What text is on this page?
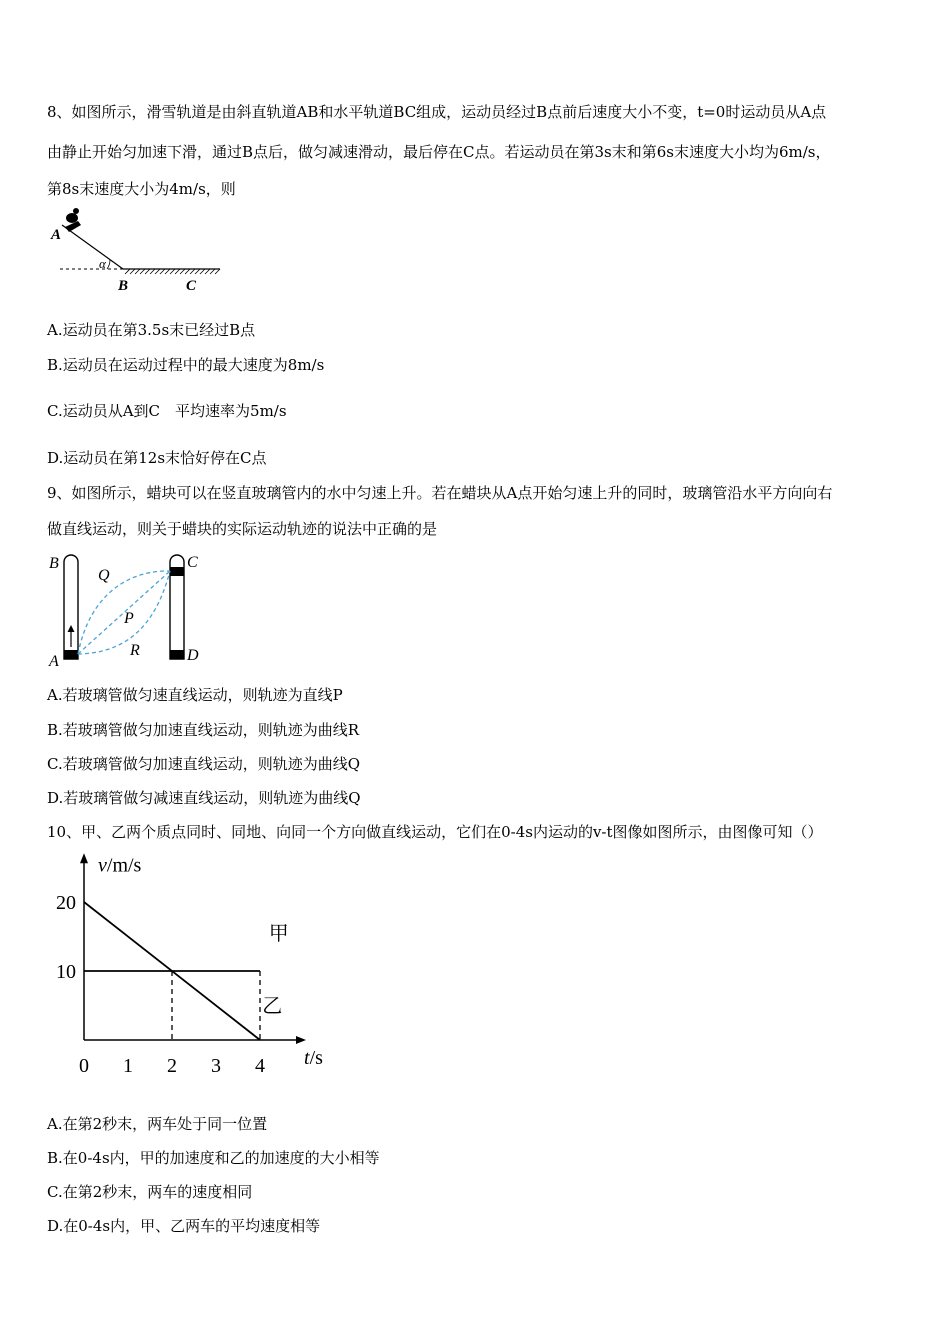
8、如图所示，滑雪轨道是由斜直轨道AB和水平轨道BC组成，运动员经过B点前后速度大小不变，t=0时运动员从A点
由静止开始匀加速下滑，通过B点后，做匀减速滑动，最后停在C点。若运动员在第3s末和第6s末速度大小均为6m/s，
第8s末速度大小为4m/s，则
A
α
B	C
A.运动员在第3.5s末已经过B点
B.运动员在运动过程中的最大速度为8m/s
C.运动员从A到C　平均速率为5m/s
D.运动员在第12s末恰好停在C点
9、如图所示，蜡块可以在竖直玻璃管内的水中匀速上升。若在蜡块从A点开始匀速上升的同时，玻璃管沿水平方向向右
做直线运动，则关于蜡块的实际运动轨迹的说法中正确的是
B
Q
C
P
R
A	D
A.若玻璃管做匀速直线运动，则轨迹为直线P
B.若玻璃管做匀加速直线运动，则轨迹为曲线R
C.若玻璃管做匀加速直线运动，则轨迹为曲线Q
D.若玻璃管做匀减速直线运动，则轨迹为曲线Q
10、甲、乙两个质点同时、同地、向同一个方向做直线运动，它们在0-4s内运动的v-t图像如图所示，由图像可知（）
0 1 2 3 4
20
10
v/m/s
t/s
甲
乙
A.在第2秒末，两车处于同一位置
B.在0-4s内，甲的加速度和乙的加速度的大小相等
C.在第2秒末，两车的速度相同
D.在0-4s内，甲、乙两车的平均速度相等
